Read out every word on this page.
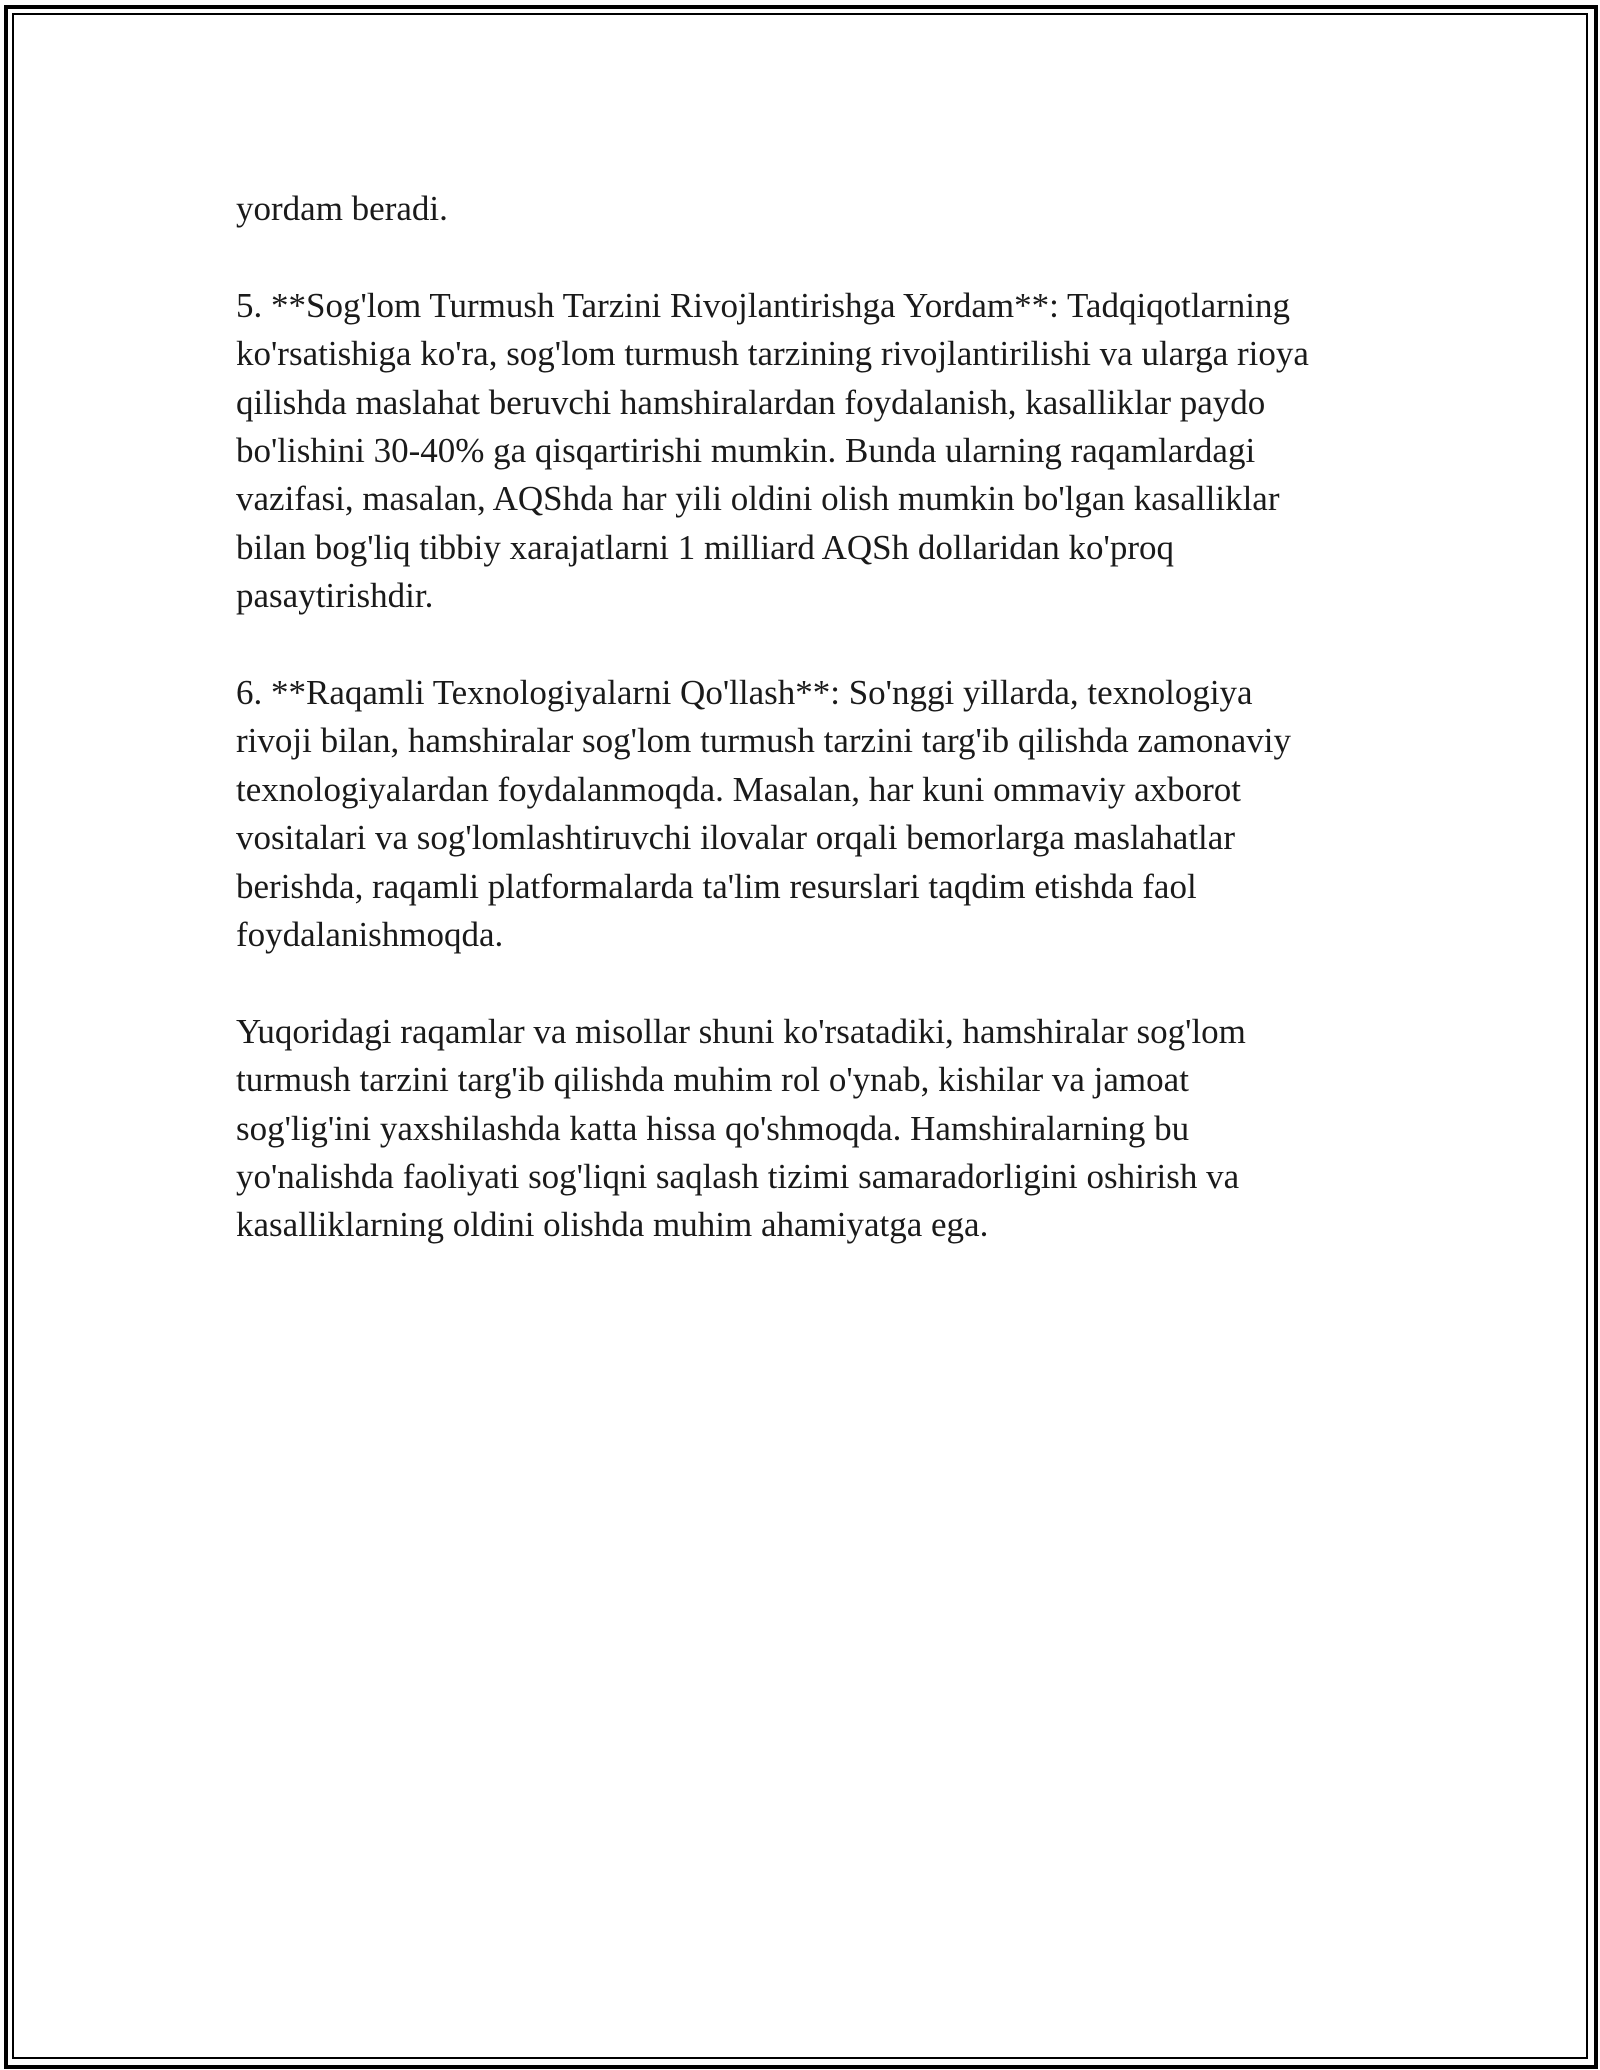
yordam beradi.

5. **Sog'lom Turmush Tarzini Rivojlantirishga Yordam**: Tadqiqotlarning
ko'rsatishiga ko'ra, sog'lom turmush tarzining rivojlantirilishi va ularga rioya
qilishda maslahat beruvchi hamshiralardan foydalanish, kasalliklar paydo
bo'lishini 30-40% ga qisqartirishi mumkin. Bunda ularning raqamlardagi
vazifasi, masalan, AQShda har yili oldini olish mumkin bo'lgan kasalliklar
bilan bog'liq tibbiy xarajatlarni 1 milliard AQSh dollaridan ko'proq
pasaytirishdir.

6. **Raqamli Texnologiyalarni Qo'llash**: So'nggi yillarda, texnologiya
rivoji bilan, hamshiralar sog'lom turmush tarzini targ'ib qilishda zamonaviy
texnologiyalardan foydalanmoqda. Masalan, har kuni ommaviy axborot
vositalari va sog'lomlashtiruvchi ilovalar orqali bemorlarga maslahatlar
berishda, raqamli platformalarda ta'lim resurslari taqdim etishda faol
foydalanishmoqda.

Yuqoridagi raqamlar va misollar shuni ko'rsatadiki, hamshiralar sog'lom
turmush tarzini targ'ib qilishda muhim rol o'ynab, kishilar va jamoat
sog'lig'ini yaxshilashda katta hissa qo'shmoqda. Hamshiralarning bu
yo'nalishda faoliyati sog'liqni saqlash tizimi samaradorligini oshirish va
kasalliklarning oldini olishda muhim ahamiyatga ega.
